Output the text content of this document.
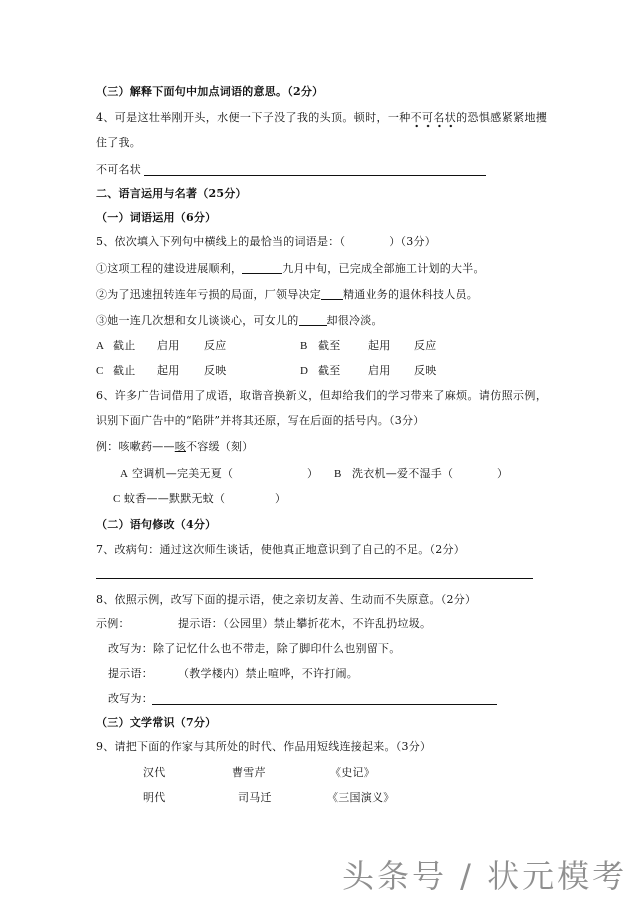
（三）解释下面句中加点词语的意思。（2分）
4、可是这壮举刚开头，水便一下子没了我的头顶。顿时，一种不可名状的恐惧感紧紧地攫
住了我。
不可名状
二、语言运用与名著（25分）
（一）词语运用（6分）
5、依次填入下列句中横线上的最恰当的词语是：（	）（3分）
①这项工程的建设进展顺利，	九月中旬，已完成全部施工计划的大半。
②为了迅速扭转连年亏损的局面，厂领导决定 精通业务的退休科技人员。
③她一连几次想和女儿谈谈心，可女儿的	却很冷淡。
A 截止 启用 反应	B 截至	起用 反应
C 截止 起用 反映	D 截至	启用 反映
6、许多广告词借用了成语，取谐音换新义，但却给我们的学习带来了麻烦。请仿照示例，
识别下面广告中的“陷阱”并将其还原，写在后面的括号内。（3分）
例：咳嗽药——咳不容缓（刻）
A 空调机—完美无夏（	） B 洗衣机—爱不湿手（	）
C 蚊香——默默无蚊（	）
（二）语句修改（4分）
7、改病句：通过这次师生谈话，使他真正地意识到了自己的不足。（2分）
8、依照示例，改写下面的提示语，使之亲切友善、生动而不失原意。（2分）
示例：	提示语：（公园里）禁止攀折花木，不许乱扔垃圾。
改写为：除了记忆什么也不带走，除了脚印什么也别留下。
提示语： （教学楼内）禁止喧哗，不许打闹。
改写为：
（三）文学常识（7分）
9、请把下面的作家与其所处的时代、作品用短线连接起来。（3分）
汉代	曹雪芹	《史记》
明代	司马迁	《三国演义》
头条号 / 状元模考
